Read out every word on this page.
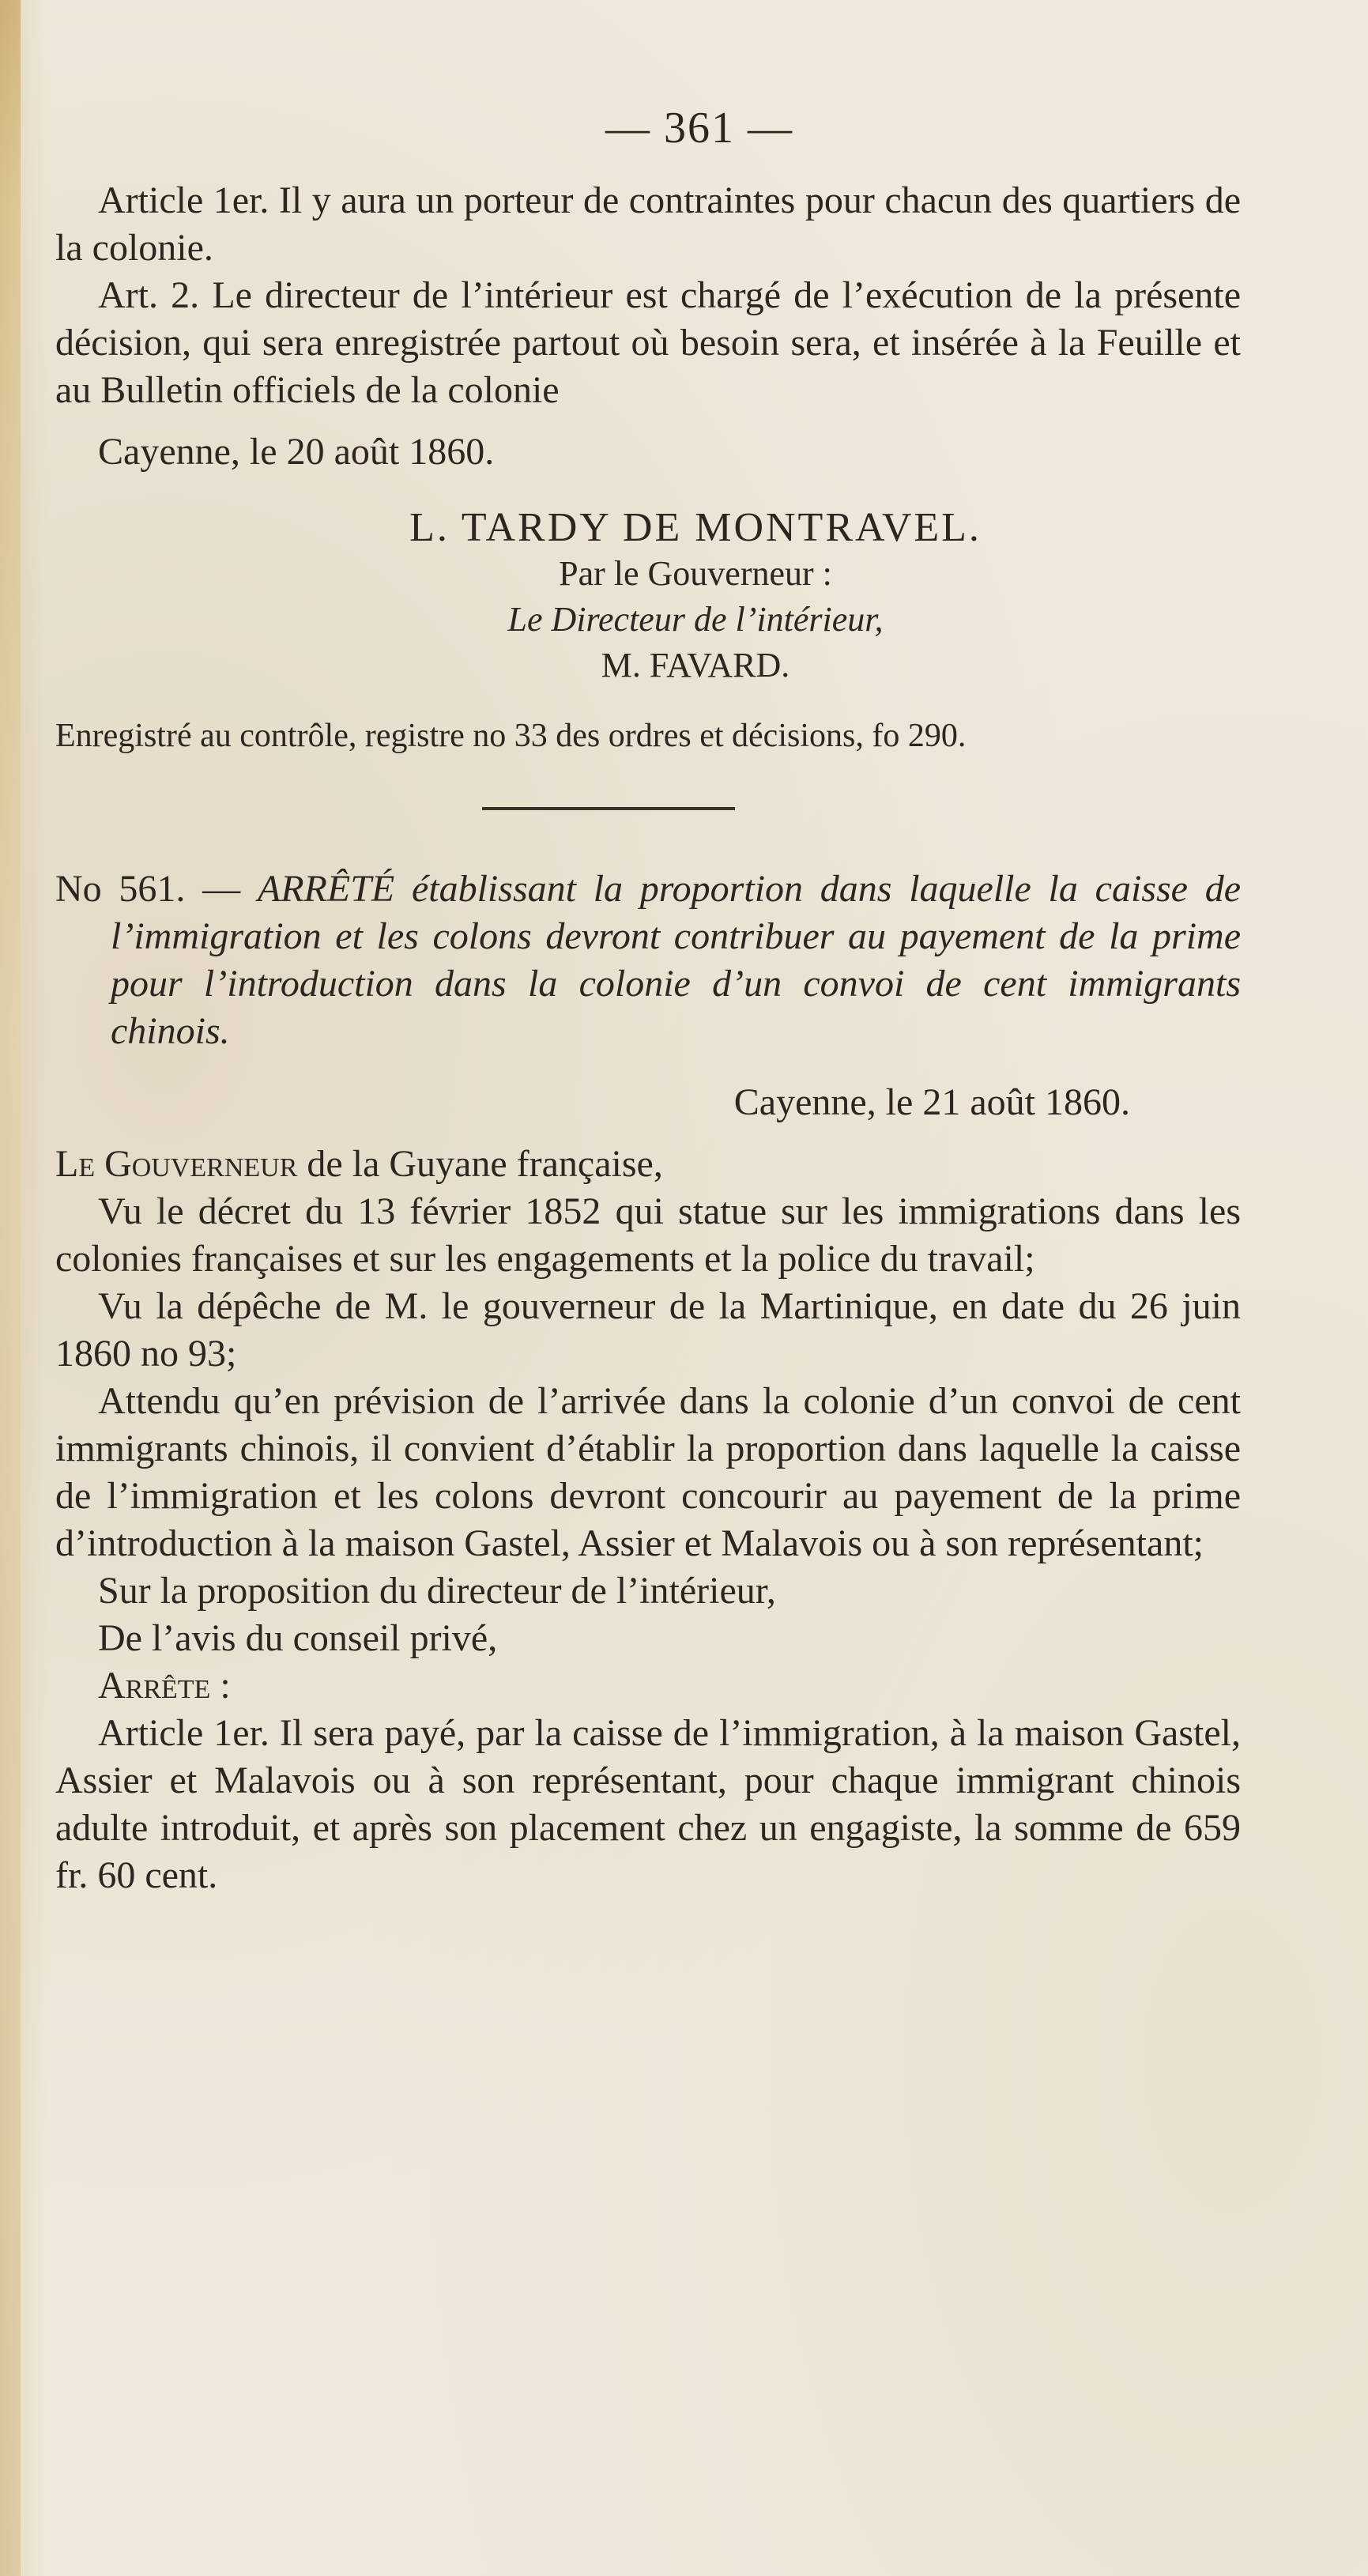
— 361 —

Article 1er. Il y aura un porteur de contraintes pour chacun des quartiers de la colonie.

Art. 2. Le directeur de l’intérieur est chargé de l’exécution de la présente décision, qui sera enregistrée partout où besoin sera, et insérée à la Feuille et au Bulletin officiels de la colonie

Cayenne, le 20 août 1860.

L. TARDY DE MONTRAVEL.
Par le Gouverneur :
Le Directeur de l’intérieur,
M. FAVARD.

Enregistré au contrôle, registre no 33 des ordres et décisions, fo 290.

No 561. — ARRÊTÉ établissant la proportion dans laquelle la caisse de l’immigration et les colons devront contribuer au payement de la prime pour l’introduction dans la colonie d’un convoi de cent immigrants chinois.

Cayenne, le 21 août 1860.

Le Gouverneur de la Guyane française,

Vu le décret du 13 février 1852 qui statue sur les immigrations dans les colonies françaises et sur les engagements et la police du travail;

Vu la dépêche de M. le gouverneur de la Martinique, en date du 26 juin 1860 no 93;

Attendu qu’en prévision de l’arrivée dans la colonie d’un convoi de cent immigrants chinois, il convient d’établir la proportion dans laquelle la caisse de l’immigration et les colons devront concourir au payement de la prime d’introduction à la maison Gastel, Assier et Malavois ou à son représentant;

Sur la proposition du directeur de l’intérieur,

De l’avis du conseil privé,

Arrête :

Article 1er. Il sera payé, par la caisse de l’immigration, à la maison Gastel, Assier et Malavois ou à son représentant, pour chaque immigrant chinois adulte introduit, et après son placement chez un engagiste, la somme de 659 fr. 60 cent.
